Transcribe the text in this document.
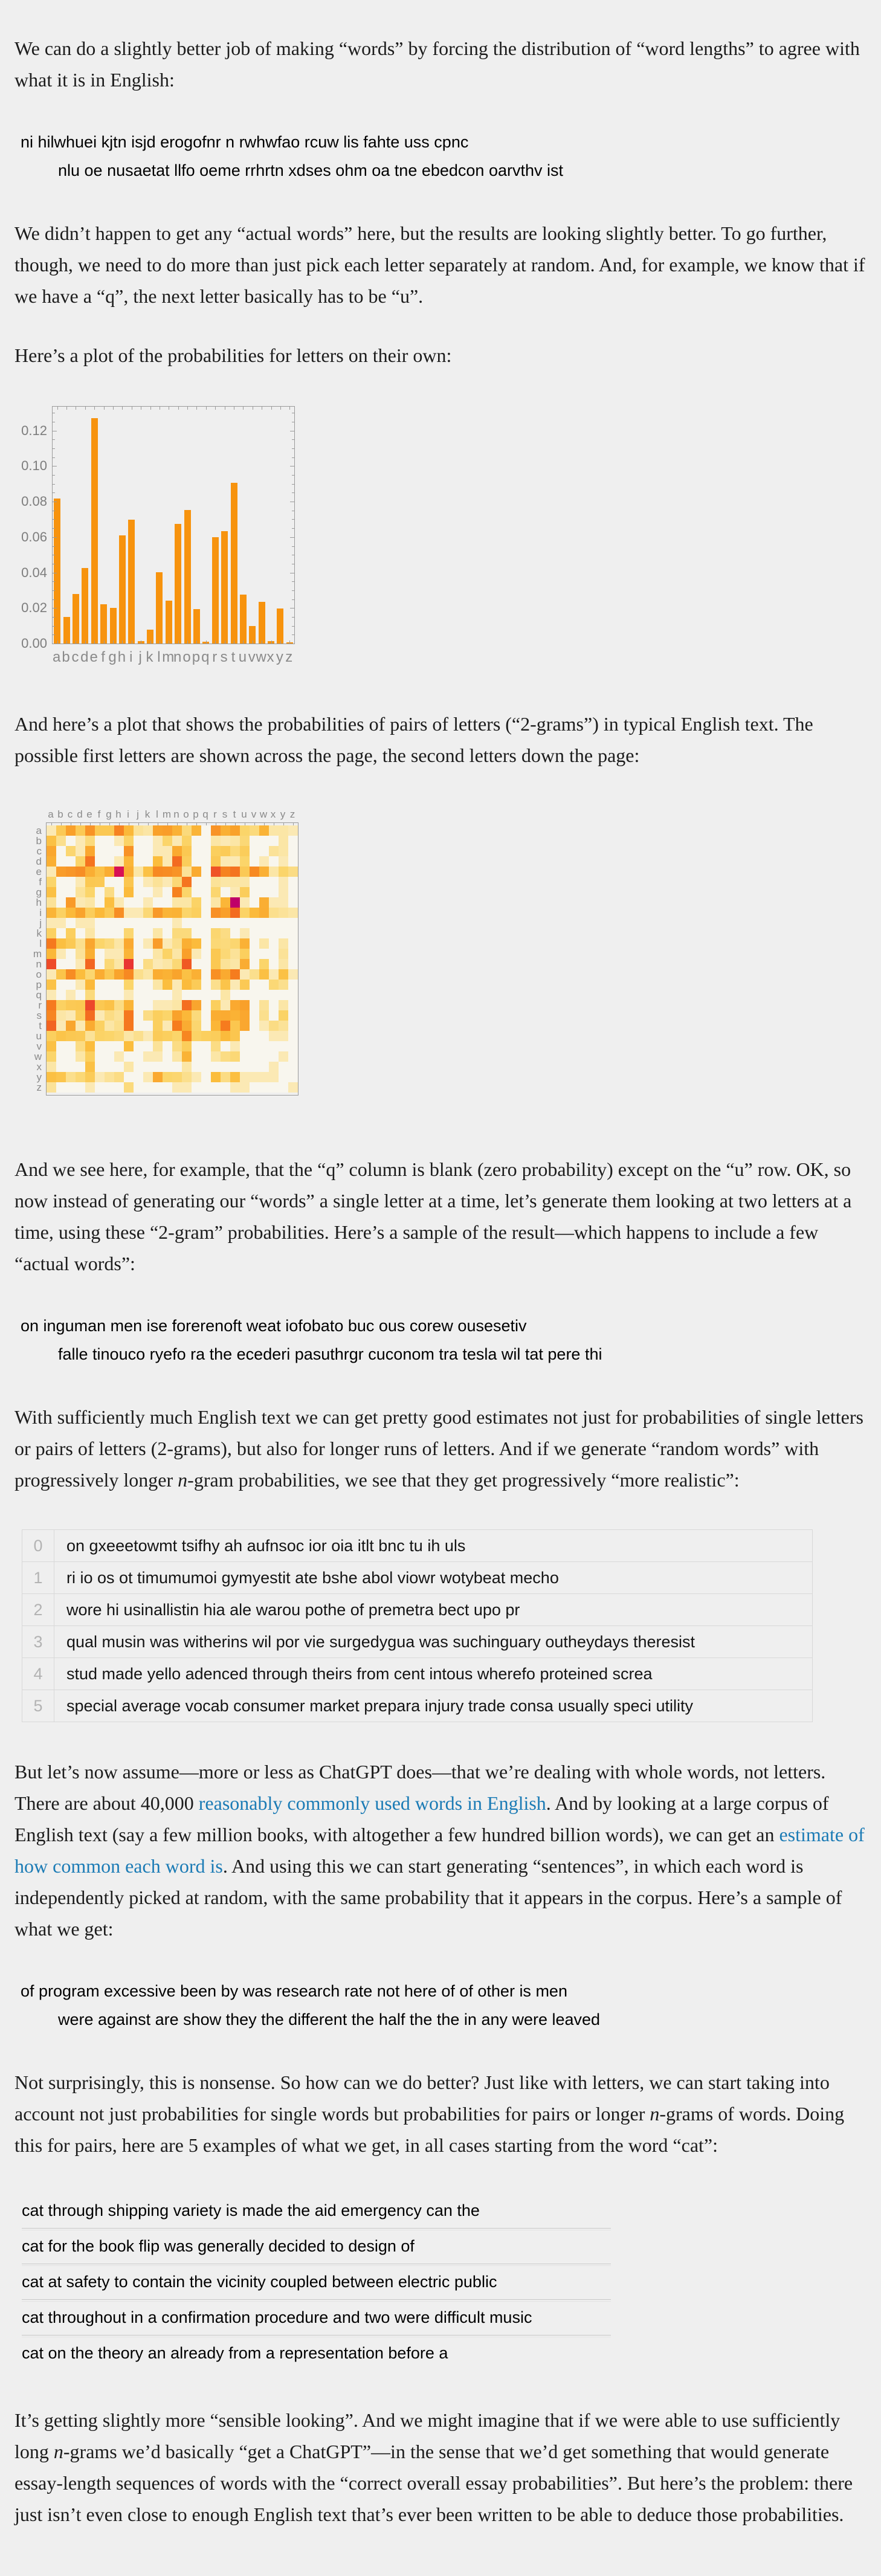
We can do a slightly better job of making “words” by forcing the distribution of “word lengths” to agree with what it is in English:

ni hilwhuei kjtn isjd erogofnr n rwhwfao rcuw lis fahte uss cpnc
nlu oe nusaetat llfo oeme rrhrtn xdses ohm oa tne ebedcon oarvthv ist

We didn’t happen to get any “actual words” here, but the results are looking slightly better. To go further, though, we need to do more than just pick each letter separately at random. And, for example, we know that if we have a “q”, the next letter basically has to be “u”.

Here’s a plot of the probabilities for letters on their own:

0.00
0.02
0.04
0.06
0.08
0.10
0.12
a b c d e f g h i j k l m
n o p q r s t u v w x y z

And here’s a plot that shows the probabilities of pairs of letters (“2-grams”) in typical English text. The possible first letters are shown across the page, the second letters down the page:

a b c d e f g h i j k l m n o p q r s t u v w x y z
a
b
c
d
e
f
g
h
i
j
k
l
m
n
o
p
q
r
s
t
u
v
w
x
y
z

And we see here, for example, that the “q” column is blank (zero probability) except on the “u” row. OK, so now instead of generating our “words” a single letter at a time, let’s generate them looking at two letters at a time, using these “2-gram” probabilities. Here’s a sample of the result—which happens to include a few “actual words”:

on inguman men ise forerenoft weat iofobato buc ous corew ousesetiv
falle tinouco ryefo ra the ecederi pasuthrgr cuconom tra tesla wil tat pere thi

With sufficiently much English text we can get pretty good estimates not just for probabilities of single letters or pairs of letters (2-grams), but also for longer runs of letters. And if we generate “random words” with progressively longer n-gram probabilities, we see that they get progressively “more realistic”:

0	on gxeeetowmt tsifhy ah aufnsoc ior oia itlt bnc tu ih uls
1	ri io os ot timumumoi gymyestit ate bshe abol viowr wotybeat mecho
2	wore hi usinallistin hia ale warou pothe of premetra bect upo pr
3	qual musin was witherins wil por vie surgedygua was suchinguary outheydays theresist
4	stud made yello adenced through theirs from cent intous wherefo proteined screa
5	special average vocab consumer market prepara injury trade consa usually speci utility

But let’s now assume—more or less as ChatGPT does—that we’re dealing with whole words, not letters. There are about 40,000 reasonably commonly used words in English. And by looking at a large corpus of English text (say a few million books, with altogether a few hundred billion words), we can get an estimate of how common each word is. And using this we can start generating “sentences”, in which each word is independently picked at random, with the same probability that it appears in the corpus. Here’s a sample of what we get:

of program excessive been by was research rate not here of of other is men
were against are show they the different the half the the in any were leaved

Not surprisingly, this is nonsense. So how can we do better? Just like with letters, we can start taking into account not just probabilities for single words but probabilities for pairs or longer n-grams of words. Doing this for pairs, here are 5 examples of what we get, in all cases starting from the word “cat”:

cat through shipping variety is made the aid emergency can the
cat for the book flip was generally decided to design of
cat at safety to contain the vicinity coupled between electric public
cat throughout in a confirmation procedure and two were difficult music
cat on the theory an already from a representation before a

It’s getting slightly more “sensible looking”. And we might imagine that if we were able to use sufficiently long n-grams we’d basically “get a ChatGPT”—in the sense that we’d get something that would generate essay-length sequences of words with the “correct overall essay probabilities”. But here’s the problem: there just isn’t even close to enough English text that’s ever been written to be able to deduce those probabilities.
